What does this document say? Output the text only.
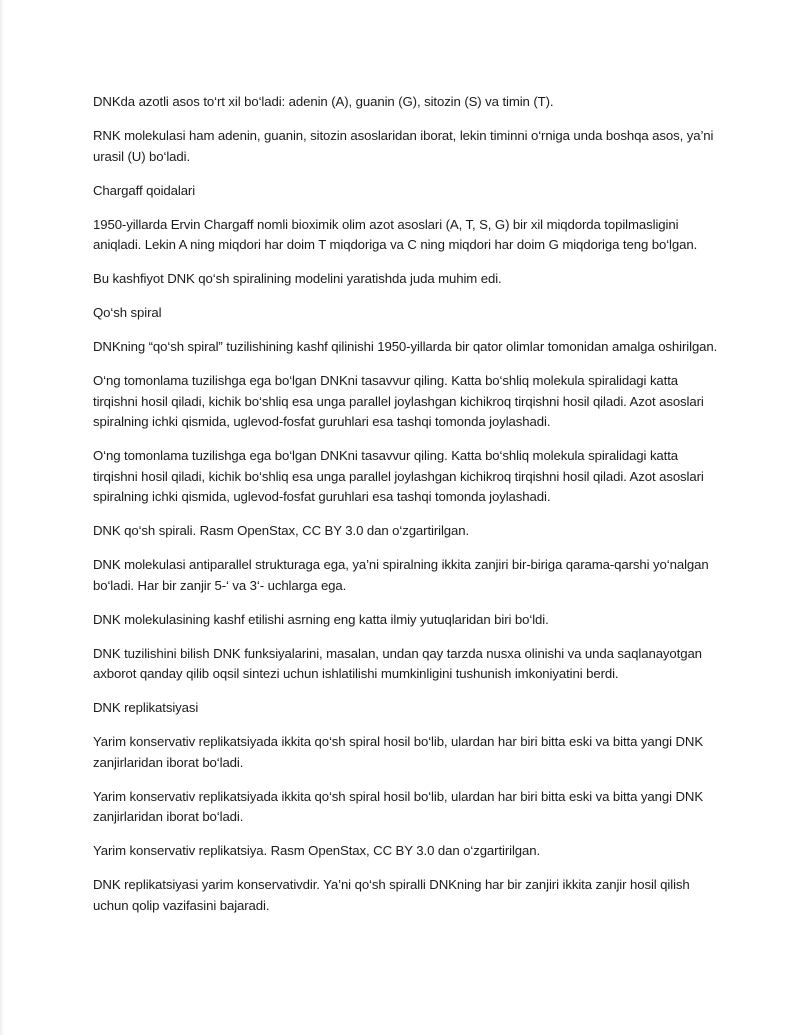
DNKda azotli asos to‘rt xil bo‘ladi: adenin (A), guanin (G), sitozin (S) va timin (T).

RNK molekulasi ham adenin, guanin, sitozin asoslaridan iborat, lekin timinni o‘rniga unda boshqa asos, ya’ni urasil (U) bo‘ladi.

Chargaff qoidalari

1950-yillarda Ervin Chargaff nomli bioximik olim azot asoslari (A, T, S, G) bir xil miqdorda topilmasligini aniqladi. Lekin A ning miqdori har doim T miqdoriga va C ning miqdori har doim G miqdoriga teng bo‘lgan.

Bu kashfiyot DNK qo‘sh spiralining modelini yaratishda juda muhim edi.

Qo‘sh spiral

DNKning “qo‘sh spiral” tuzilishining kashf qilinishi 1950-yillarda bir qator olimlar tomonidan amalga oshirilgan.

O‘ng tomonlama tuzilishga ega bo‘lgan DNKni tasavvur qiling. Katta bo‘shliq molekula spiralidagi katta tirqishni hosil qiladi, kichik bo‘shliq esa unga parallel joylashgan kichikroq tirqishni hosil qiladi. Azot asoslari spiralning ichki qismida, uglevod-fosfat guruhlari esa tashqi tomonda joylashadi.

O‘ng tomonlama tuzilishga ega bo‘lgan DNKni tasavvur qiling. Katta bo‘shliq molekula spiralidagi katta tirqishni hosil qiladi, kichik bo‘shliq esa unga parallel joylashgan kichikroq tirqishni hosil qiladi. Azot asoslari spiralning ichki qismida, uglevod-fosfat guruhlari esa tashqi tomonda joylashadi.

DNK qo‘sh spirali. Rasm OpenStax, CC BY 3.0 dan o‘zgartirilgan.

DNK molekulasi antiparallel strukturaga ega, ya’ni spiralning ikkita zanjiri bir-biriga qarama-qarshi yo‘nalgan bo‘ladi. Har bir zanjir 5-‘ va 3‘- uchlarga ega.

DNK molekulasining kashf etilishi asrning eng katta ilmiy yutuqlaridan biri bo‘ldi.

DNK tuzilishini bilish DNK funksiyalarini, masalan, undan qay tarzda nusxa olinishi va unda saqlanayotgan axborot qanday qilib oqsil sintezi uchun ishlatilishi mumkinligini tushunish imkoniyatini berdi.

DNK replikatsiyasi

Yarim konservativ replikatsiyada ikkita qo‘sh spiral hosil bo‘lib, ulardan har biri bitta eski va bitta yangi DNK zanjirlaridan iborat bo‘ladi.

Yarim konservativ replikatsiyada ikkita qo‘sh spiral hosil bo‘lib, ulardan har biri bitta eski va bitta yangi DNK zanjirlaridan iborat bo‘ladi.

Yarim konservativ replikatsiya. Rasm OpenStax, CC BY 3.0 dan o‘zgartirilgan.

DNK replikatsiyasi yarim konservativdir. Ya’ni qo‘sh spiralli DNKning har bir zanjiri ikkita zanjir hosil qilish uchun qolip vazifasini bajaradi.
